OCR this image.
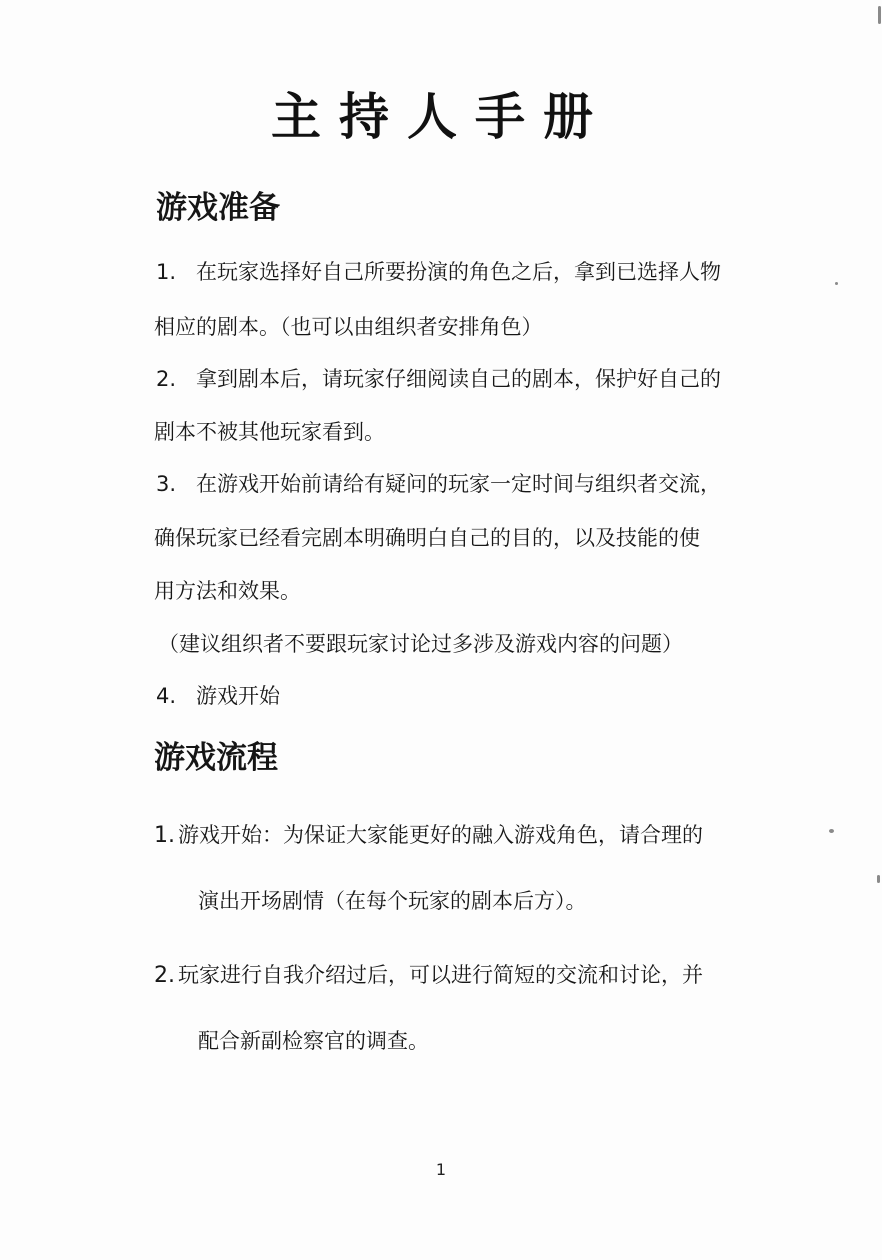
主持人手册
游戏准备

1. 在玩家选择好自己所要扮演的角色之后，拿到已选择人物

相应的剧本。（也可以由组织者安排角色）

2. 拿到剧本后，请玩家仔细阅读自己的剧本，保护好自己的

剧本不被其他玩家看到。

3. 在游戏开始前请给有疑问的玩家一定时间与组织者交流，

确保玩家已经看完剧本明确明白自己的目的，以及技能的使

用方法和效果。

（建议组织者不要跟玩家讨论过多涉及游戏内容的问题）

4. 游戏开始

游戏流程

1. 游戏开始：为保证大家能更好的融入游戏角色，请合理的

演出开场剧情（在每个玩家的剧本后方）。

2. 玩家进行自我介绍过后，可以进行简短的交流和讨论，并

配合新副检察官的调查。

1
